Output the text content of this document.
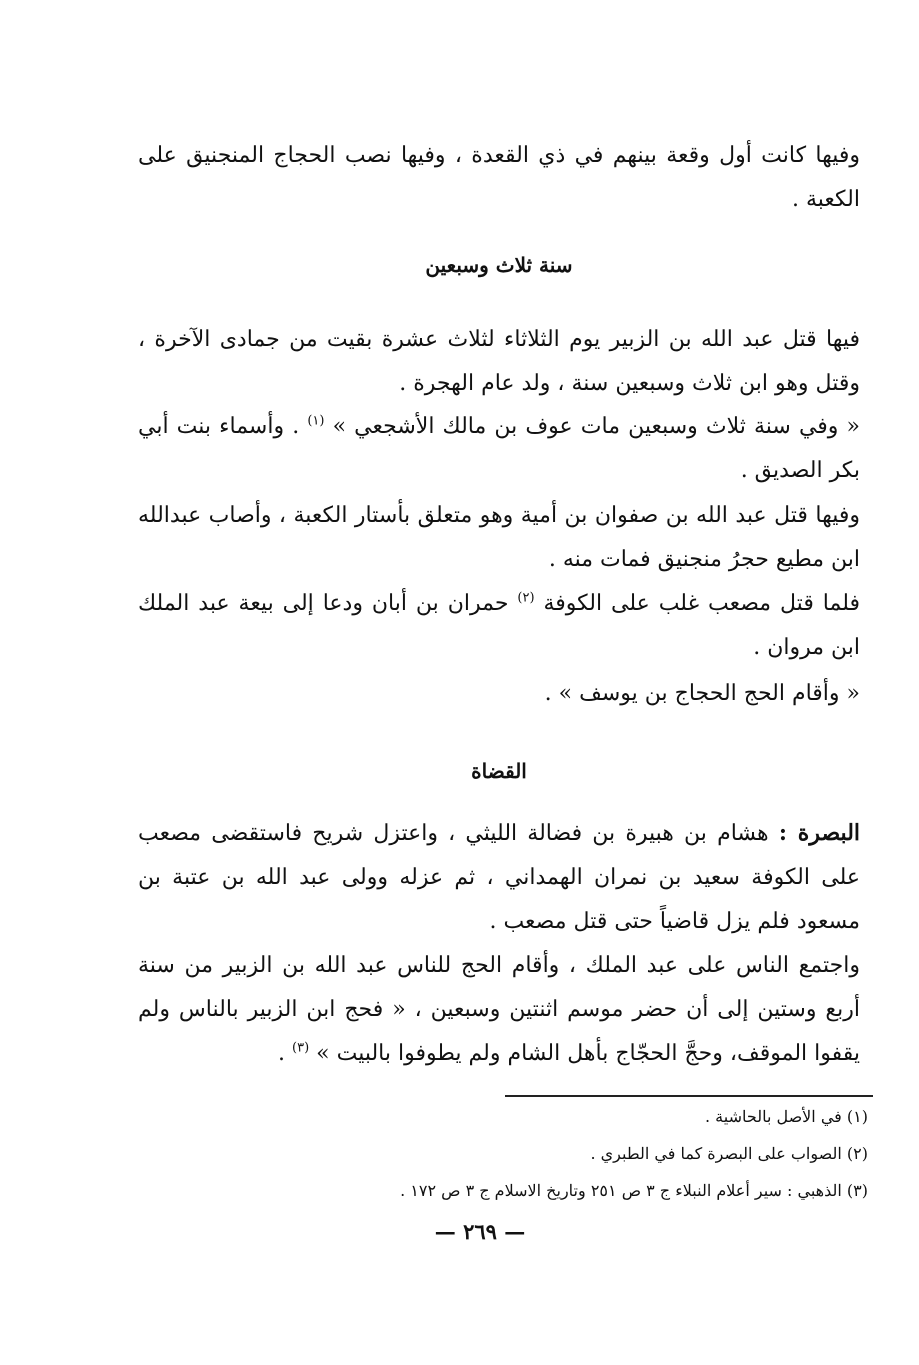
وفيها كانت أول وقعة بينهم في ذي القعدة ، وفيها نصب الحجاج المنجنيق على الكعبة .
سنة ثلاث وسبعين
فيها قتل عبد الله بن الزبير يوم الثلاثاء لثلاث عشرة بقيت من جمادى الآخرة ، وقتل وهو ابن ثلاث وسبعين سنة ، ولد عام الهجرة .
« وفي سنة ثلاث وسبعين مات عوف بن مالك الأشجعي » $^{(١)}$ . وأسماء بنت أبي بكر الصديق .
وفيها قتل عبد الله بن صفوان بن أمية وهو متعلق بأستار الكعبة ، وأصاب عبدالله ابن مطيع حجرُ منجنيق فمات منه .
فلما قتل مصعب غلب على الكوفة $^{(٢)}$ حمران بن أبان ودعا إلى بيعة عبد الملك ابن مروان .
« وأقام الحج الحجاج بن يوسف » .
القضاة
البصرة : هشام بن هبيرة بن فضالة الليثي ، واعتزل شريح فاستقضى مصعب على الكوفة سعيد بن نمران الهمداني ، ثم عزله وولى عبد الله بن عتبة بن مسعود فلم يزل قاضياً حتى قتل مصعب .
واجتمع الناس على عبد الملك ، وأقام الحج للناس عبد الله بن الزبير من سنة أربع وستين إلى أن حضر موسم اثنتين وسبعين ، « فحج ابن الزبير بالناس ولم يقفوا الموقف، وحجَّ الحجّاج بأهل الشام ولم يطوفوا بالبيت » $^{(٣)}$ .
(١) في الأصل بالحاشية .
(٢) الصواب على البصرة كما في الطبري .
(٣) الذهبي : سير أعلام النبلاء ج ٣ ص ٢٥١ وتاريخ الاسلام ج ٣ ص ١٧٢ .
— ٢٦٩ —
